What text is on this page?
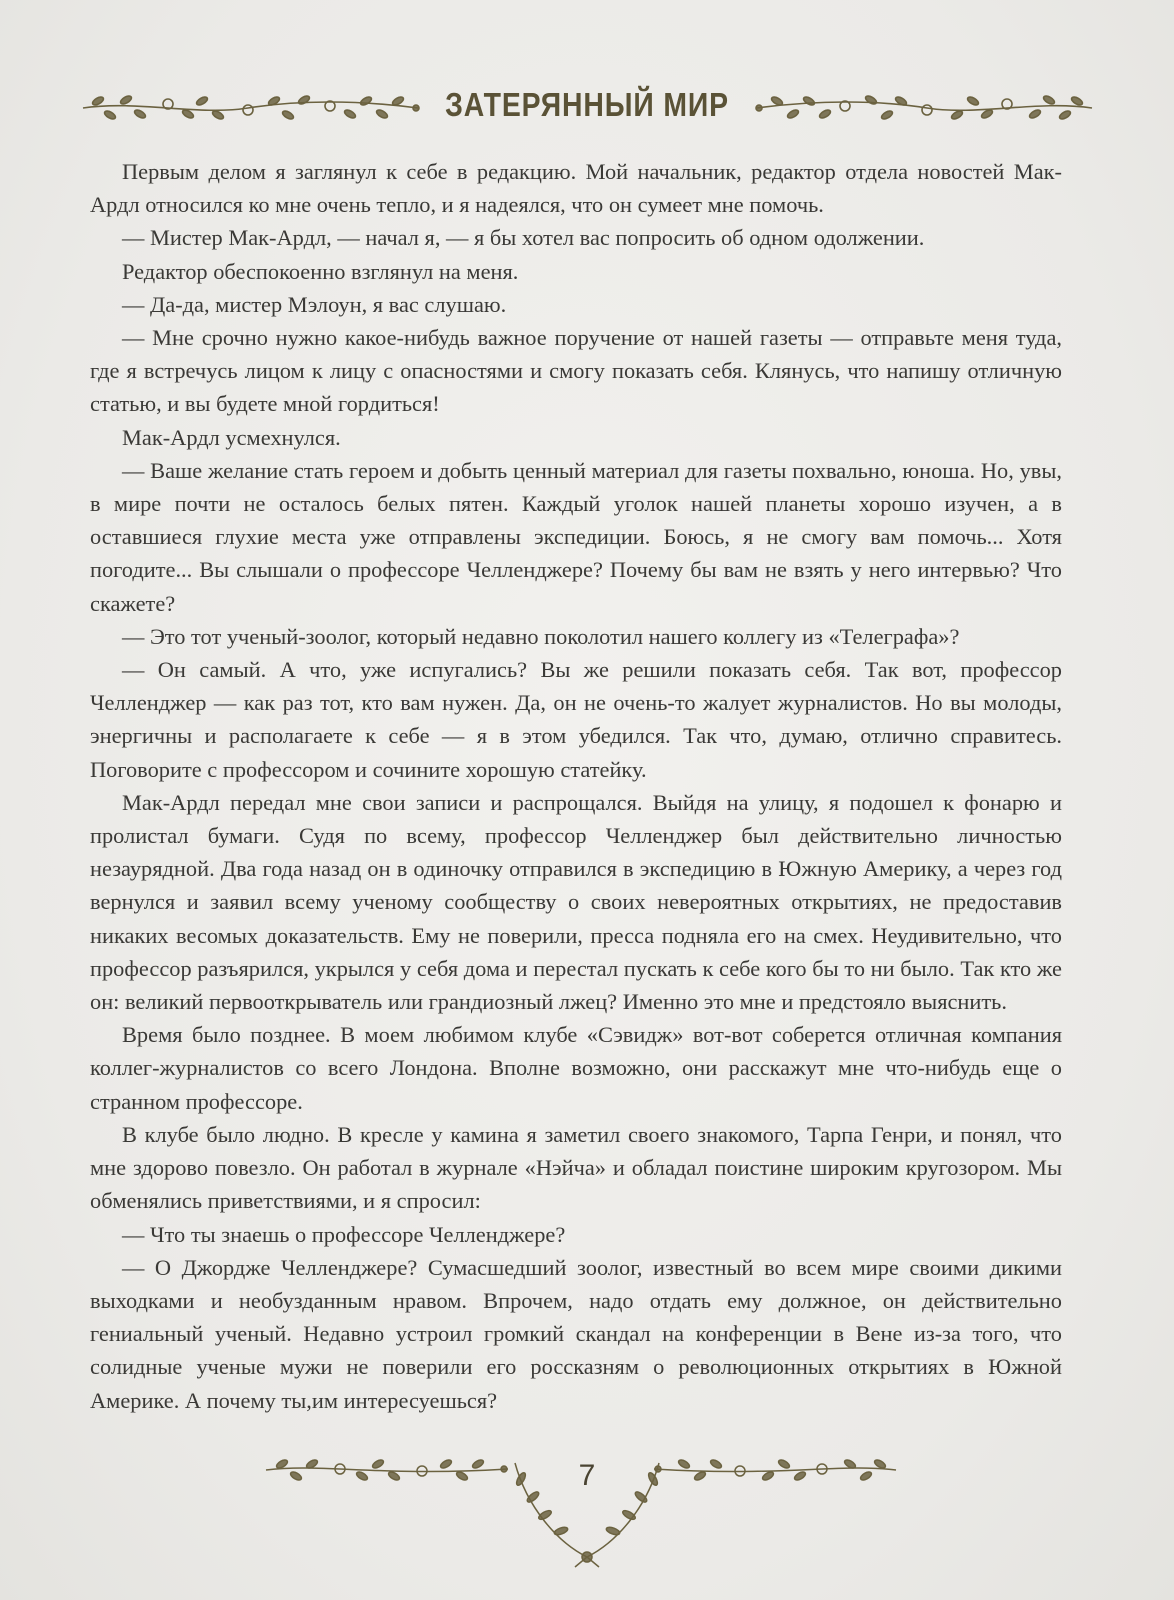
ЗАТЕРЯННЫЙ МИР

Первым делом я заглянул к себе в редакцию. Мой начальник, редактор отдела новостей Мак-Ардл относился ко мне очень тепло, и я надеялся, что он сумеет мне помочь.

— Мистер Мак-Ардл, — начал я, — я бы хотел вас попросить об одном одолжении.

Редактор обеспокоенно взглянул на меня.

— Да-да, мистер Мэлоун, я вас слушаю.

— Мне срочно нужно какое-нибудь важное поручение от нашей газеты — отправьте меня туда, где я встречусь лицом к лицу с опасностями и смогу показать себя. Клянусь, что напишу отличную статью, и вы будете мной гордиться!

Мак-Ардл усмехнулся.

— Ваше желание стать героем и добыть ценный материал для газеты похвально, юноша. Но, увы, в мире почти не осталось белых пятен. Каждый уголок нашей планеты хорошо изучен, а в оставшиеся глухие места уже отправлены экспедиции. Боюсь, я не смогу вам помочь... Хотя погодите... Вы слышали о профессоре Челленджере? Почему бы вам не взять у него интервью? Что скажете?

— Это тот ученый-зоолог, который недавно поколотил нашего коллегу из «Телеграфа»?

— Он самый. А что, уже испугались? Вы же решили показать себя. Так вот, профессор Челленджер — как раз тот, кто вам нужен. Да, он не очень-то жалует журналистов. Но вы молоды, энергичны и располагаете к себе — я в этом убедился. Так что, думаю, отлично справитесь. Поговорите с профессором и сочините хорошую статейку.

Мак-Ардл передал мне свои записи и распрощался. Выйдя на улицу, я подошел к фонарю и пролистал бумаги. Судя по всему, профессор Челленджер был действительно личностью незаурядной. Два года назад он в одиночку отправился в экспедицию в Южную Америку, а через год вернулся и заявил всему ученому сообществу о своих невероятных открытиях, не предоставив никаких весомых доказательств. Ему не поверили, пресса подняла его на смех. Неудивительно, что профессор разъярился, укрылся у себя дома и перестал пускать к себе кого бы то ни было. Так кто же он: великий первооткрыватель или грандиозный лжец? Именно это мне и предстояло выяснить.

Время было позднее. В моем любимом клубе «Сэвидж» вот-вот соберется отличная компания коллег-журналистов со всего Лондона. Вполне возможно, они расскажут мне что-нибудь еще о странном профессоре.

В клубе было людно. В кресле у камина я заметил своего знакомого, Тарпа Генри, и понял, что мне здорово повезло. Он работал в журнале «Нэйча» и обладал поистине широким кругозором. Мы обменялись приветствиями, и я спросил:

— Что ты знаешь о профессоре Челленджере?

— О Джордже Челленджере? Сумасшедший зоолог, известный во всем мире своими дикими выходками и необузданным нравом. Впрочем, надо отдать ему должное, он действительно гениальный ученый. Недавно устроил громкий скандал на конференции в Вене из-за того, что солидные ученые мужи не поверили его россказням о революционных открытиях в Южной Америке. А почему ты,им интересуешься?

7
